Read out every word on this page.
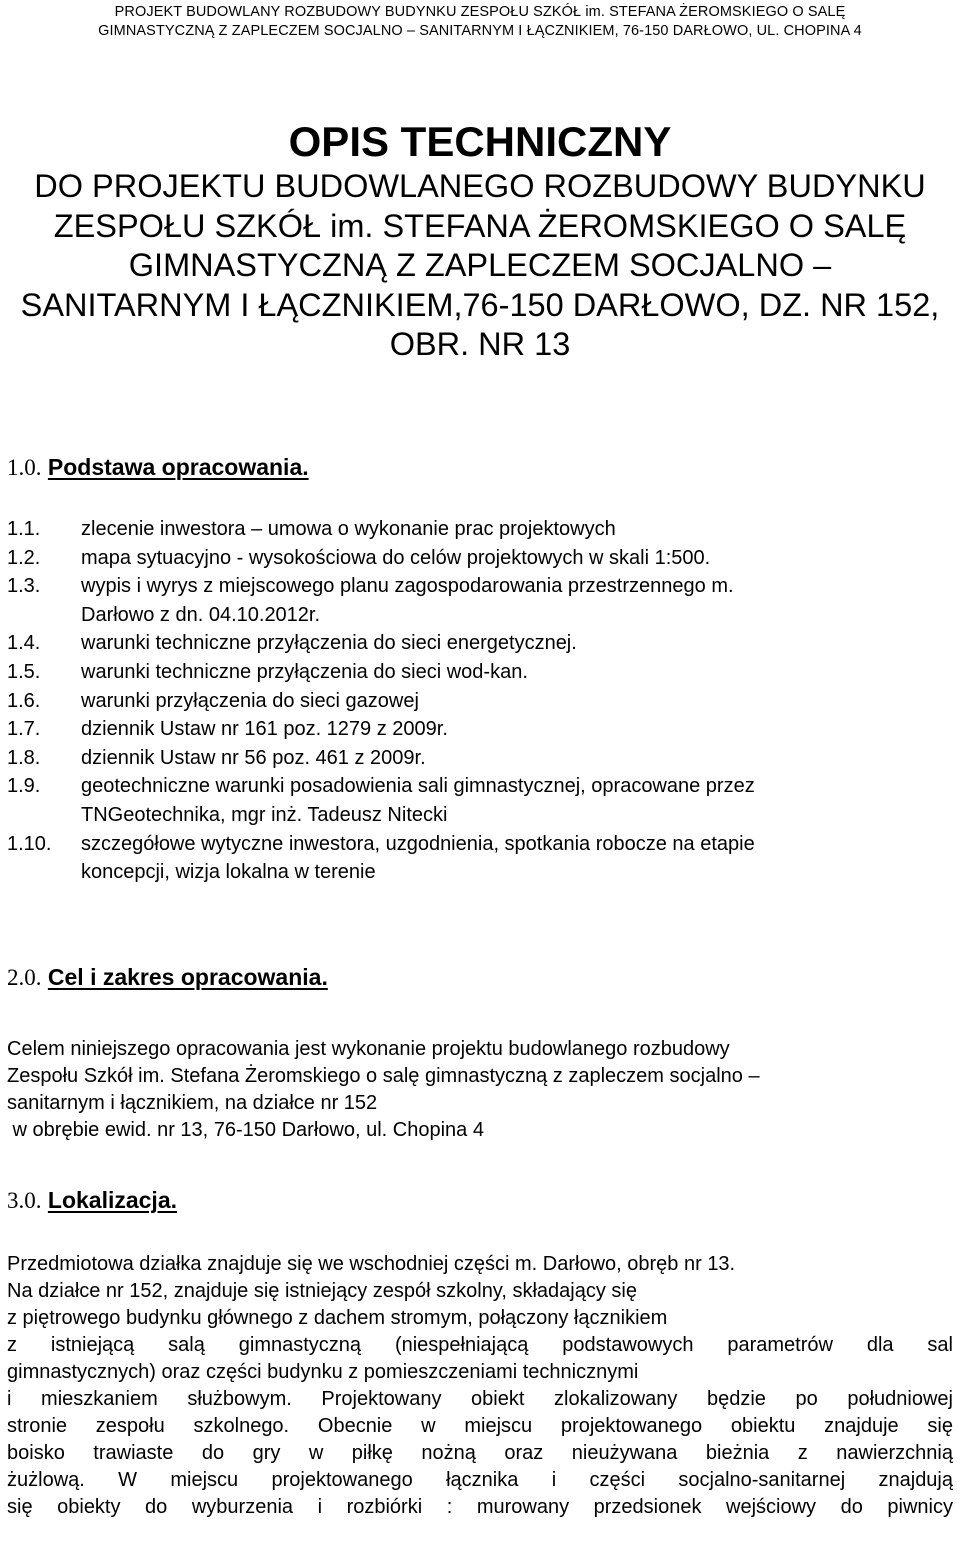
PROJEKT BUDOWLANY ROZBUDOWY BUDYNKU ZESPOŁU SZKÓŁ im. STEFANA ŻEROMSKIEGO O SALĘ
GIMNASTYCZNĄ Z ZAPLECZEM SOCJALNO – SANITARNYM I ŁĄCZNIKIEM, 76-150 DARŁOWO, UL. CHOPINA 4

OPIS TECHNICZNY

DO PROJEKTU BUDOWLANEGO ROZBUDOWY BUDYNKU

ZESPOŁU SZKÓŁ im. STEFANA ŻEROMSKIEGO O SALĘ

GIMNASTYCZNĄ Z ZAPLECZEM SOCJALNO –

SANITARNYM I ŁĄCZNIKIEM,76-150 DARŁOWO, DZ. NR 152,

OBR. NR 13

1.0. Podstawa opracowania.
1.1.	zlecenie inwestora – umowa o wykonanie prac projektowych
1.2.	mapa sytuacyjno - wysokościowa do celów projektowych w skali 1:500.
1.3.	wypis i wyrys z miejscowego planu zagospodarowania przestrzennego m.
Darłowo z dn. 04.10.2012r.
1.4.	warunki techniczne przyłączenia do sieci energetycznej.
1.5.	warunki techniczne przyłączenia do sieci wod-kan.
1.6.	warunki przyłączenia do sieci gazowej
1.7.	dziennik Ustaw nr 161 poz. 1279 z 2009r.
1.8.	dziennik Ustaw nr 56 poz. 461 z 2009r.
1.9.	geotechniczne warunki posadowienia sali gimnastycznej, opracowane przez
TNGeotechnika, mgr inż. Tadeusz Nitecki
1.10.	szczegółowe wytyczne inwestora, uzgodnienia, spotkania robocze na etapie
koncepcji, wizja lokalna w terenie
2.0. Cel i zakres opracowania.
Celem niniejszego opracowania jest wykonanie projektu budowlanego rozbudowy
Zespołu Szkół im. Stefana Żeromskiego o salę gimnastyczną z zapleczem socjalno –
sanitarnym i łącznikiem, na działce nr 152
w obrębie ewid. nr 13, 76-150 Darłowo, ul. Chopina 4
3.0. Lokalizacja.
Przedmiotowa działka znajduje się we wschodniej części m. Darłowo, obręb nr 13.
Na działce nr 152, znajduje się istniejący zespół szkolny, składający się
z piętrowego budynku głównego z dachem stromym, połączony łącznikiem
z istniejącą salą gimnastyczną (niespełniającą podstawowych parametrów dla sal
gimnastycznych) oraz części budynku z pomieszczeniami technicznymi
i mieszkaniem służbowym. Projektowany obiekt zlokalizowany będzie po południowej
stronie zespołu szkolnego. Obecnie w miejscu projektowanego obiektu znajduje się
boisko trawiaste do gry w piłkę nożną oraz nieużywana bieżnia z nawierzchnią
żużlową. W miejscu projektowanego łącznika i części socjalno-sanitarnej znajdują
się obiekty do wyburzenia i rozbiórki : murowany przedsionek wejściowy do piwnicy
